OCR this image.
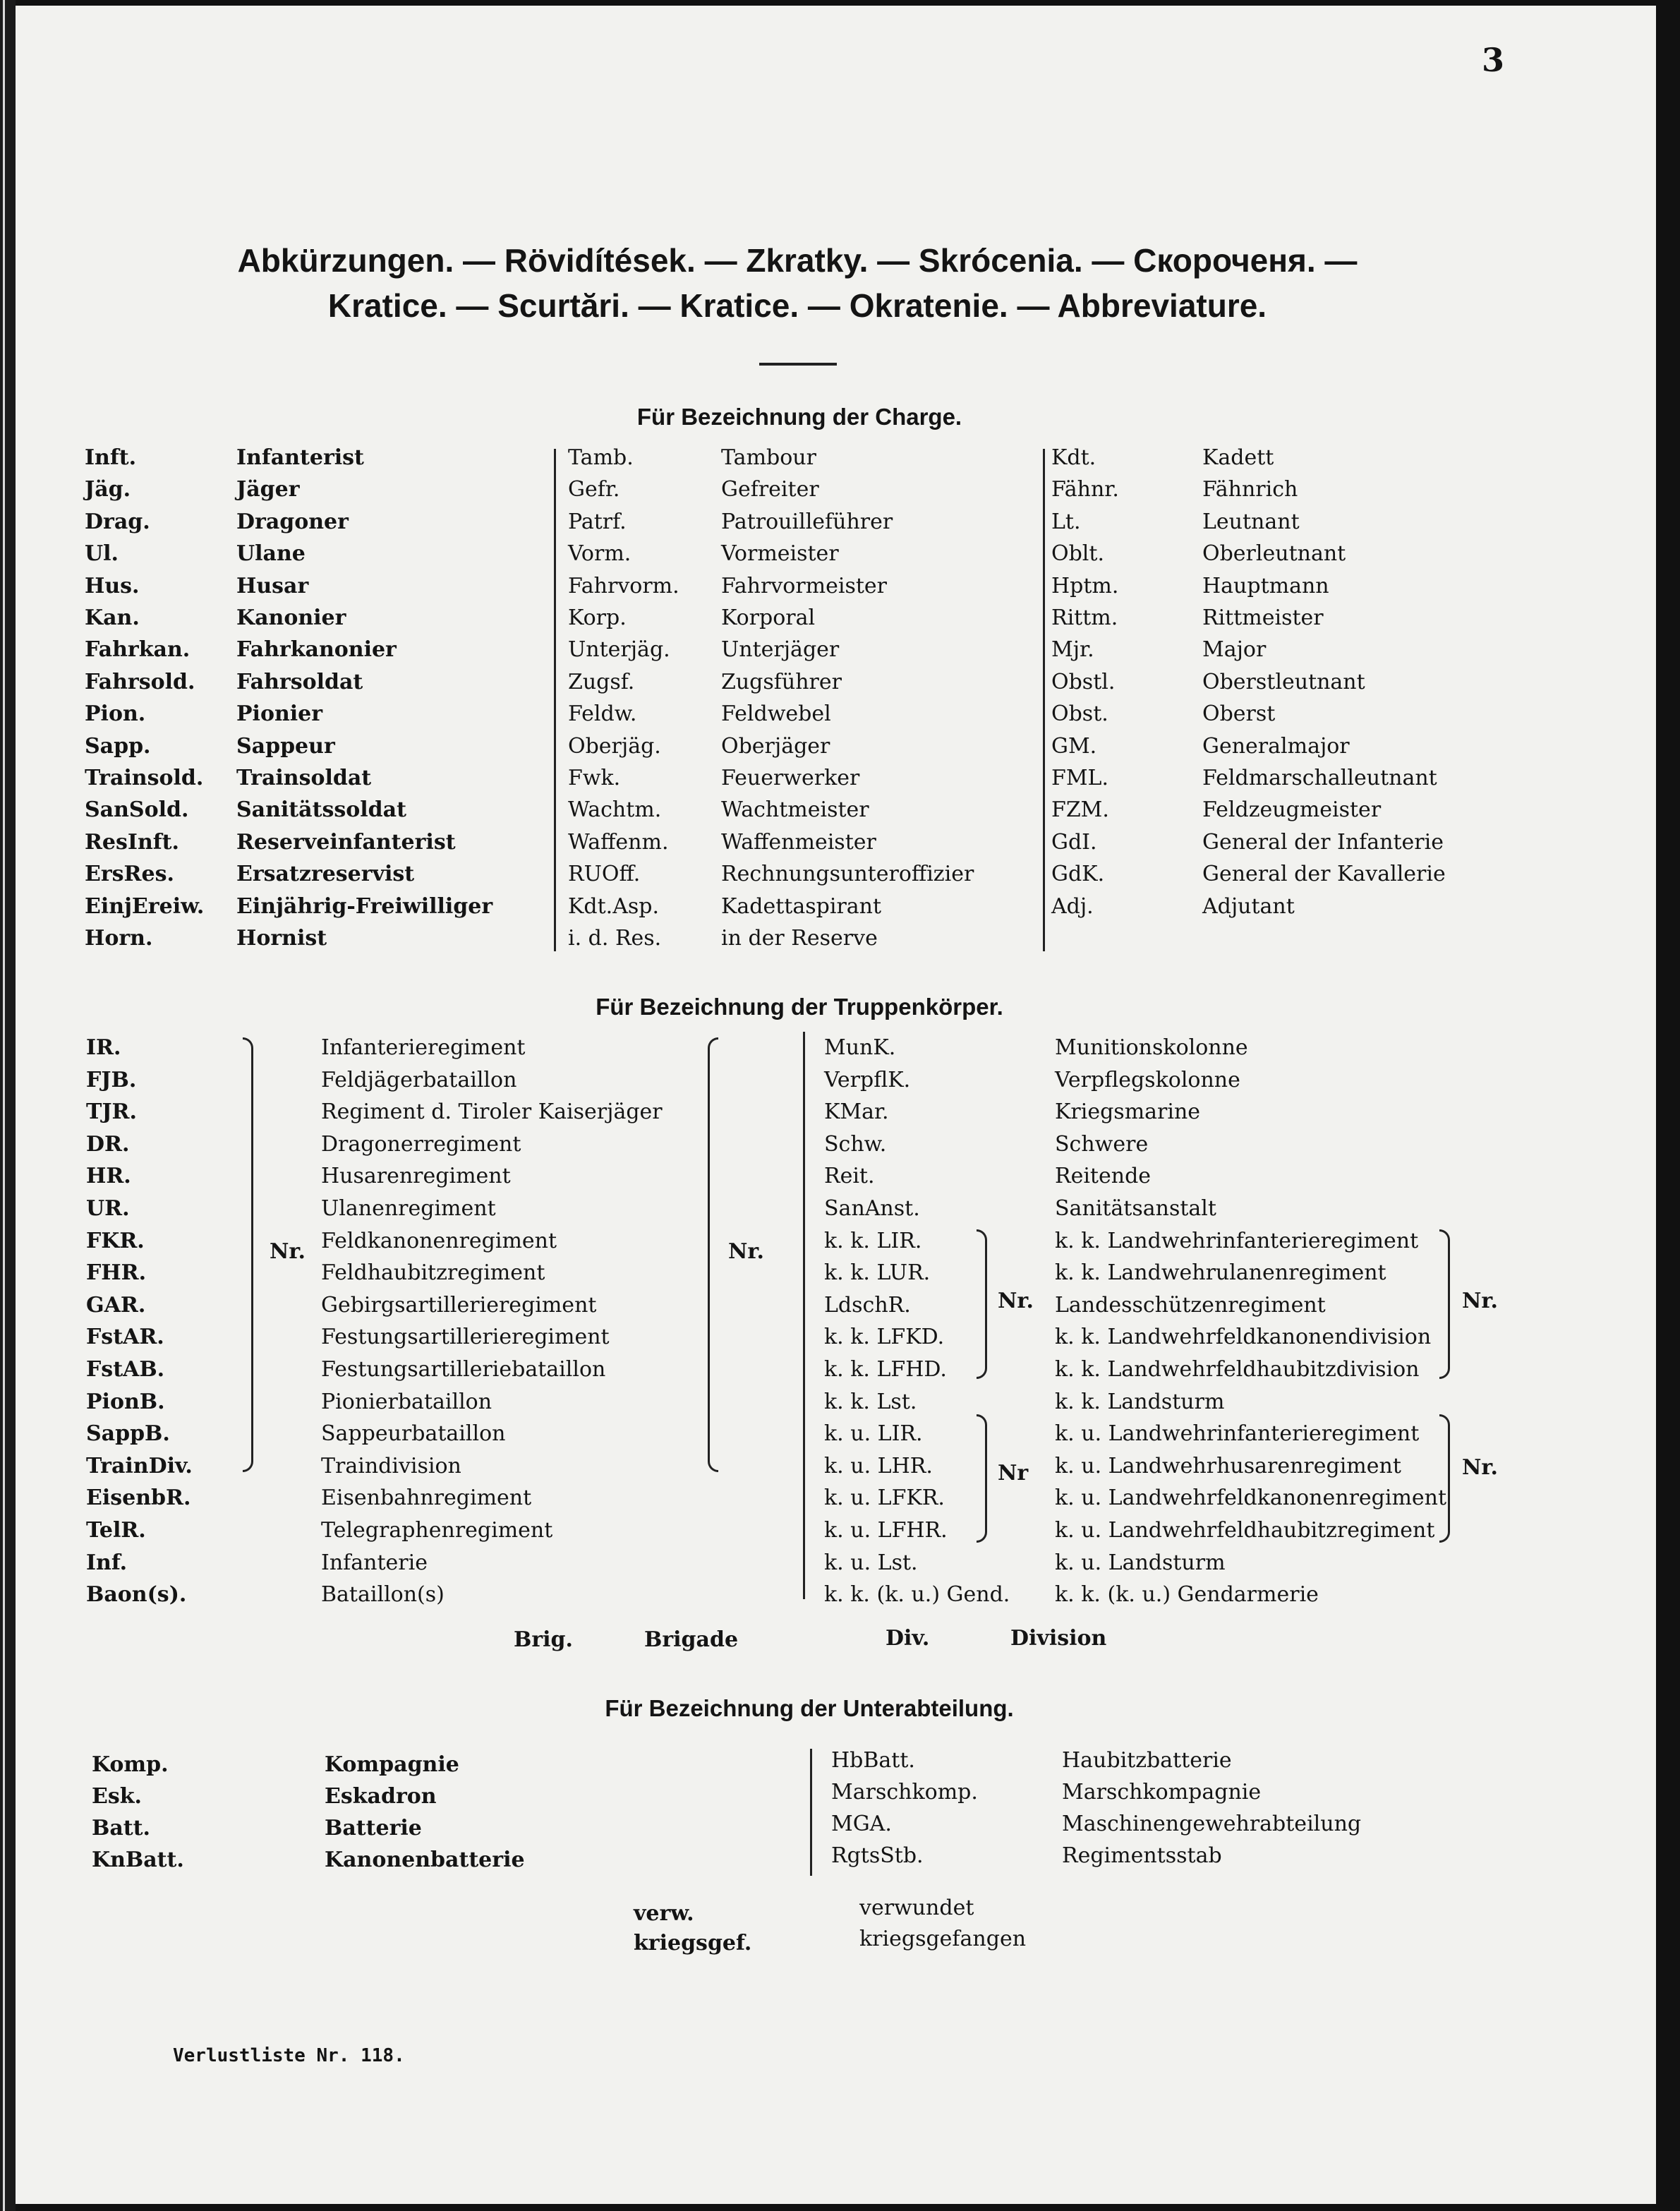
3
Abkürzungen. — Rövidítések. — Zkratky. — Skrócenia. — Скороченя. —
Kratice. — Scurtări. — Kratice. — Okratenie. — Abbreviature.
Für Bezeichnung der Charge.
Inft.	Infanterist
Jäg.	Jäger
Drag.	Dragoner
Ul.	Ulane
Hus.	Husar
Kan.	Kanonier
Fahrkan. Fahrkanonier
Fahrsold. Fahrsoldat
Pion.	Pionier
Sapp.	Sappeur
Trainsold. Trainsoldat
SanSold. Sanitätssoldat
ResInft.	Reserveinfanterist
ErsRes.	Ersatzreservist
EinjEreiw. Einjährig-Freiwilliger
Horn.	Hornist
Tamb.	Tambour
Gefr.	Gefreiter
Patrf.	Patrouilleführer
Vorm.	Vormeister
Fahrvorm. Fahrvormeister
Korp.	Korporal
Unterjäg. Unterjäger
Zugsf.	Zugsführer
Feldw.	Feldwebel
Oberjäg.	Oberjäger
Fwk.	Feuerwerker
Wachtm.	Wachtmeister
Waffenm. Waffenmeister
RUOff.	Rechnungsunteroffizier
Kdt.Asp.	Kadettaspirant
i. d. Res.	in der Reserve
Kdt.	Kadett
Fähnr.	Fähnrich
Lt.	Leutnant
Oblt.	Oberleutnant
Hptm.	Hauptmann
Rittm.	Rittmeister
Mjr.	Major
Obstl.	Oberstleutnant
Obst.	Oberst
GM.	Generalmajor
FML.	Feldmarschalleutnant
FZM.	Feldzeugmeister
GdI.	General der Infanterie
GdK.	General der Kavallerie
Adj.	Adjutant
Für Bezeichnung der Truppenkörper.
IR.	Infanterieregiment
FJB.	Feldjägerbataillon
TJR.	Regiment d. Tiroler Kaiserjäger
DR.	Dragonerregiment
HR.	Husarenregiment
UR.	Ulanenregiment
FKR.	Feldkanonenregiment
FHR.	Feldhaubitzregiment
GAR.	Gebirgsartillerieregiment
FstAR.	Festungsartillerieregiment
FstAB.	Festungsartilleriebataillon
PionB.	Pionierbataillon
SappB.	Sappeurbataillon
TrainDiv.	Traindivision
EisenbR.	Eisenbahnregiment
TelR.	Telegraphenregiment
Inf.	Infanterie
Baon(s).	Bataillon(s)
MunK.	Munitionskolonne
VerpflK.	Verpflegskolonne
KMar.	Kriegsmarine
Schw.	Schwere
Reit.	Reitende
SanAnst.	Sanitätsanstalt
k. k. LIR.	k. k. Landwehrinfanterieregiment
k. k. LUR.	k. k. Landwehrulanenregiment
LdschR.	Landesschützenregiment
k. k. LFKD.	k. k. Landwehrfeldkanonendivision
k. k. LFHD.	k. k. Landwehrfeldhaubitzdivision
k. k. Lst.	k. k. Landsturm
k. u. LIR.	k. u. Landwehrinfanterieregiment
k. u. LHR.	k. u. Landwehrhusarenregiment
k. u. LFKR.	k. u. Landwehrfeldkanonenregiment
k. u. LFHR.	k. u. Landwehrfeldhaubitzregiment
k. u. Lst.	k. u. Landsturm
k. k. (k. u.) Gend. k. k. (k. u.) Gendarmerie
Nr.	Nr.
Nr.	Nr.
Nr	Nr.
Brig.	Brigade	Div.	Division
Für Bezeichnung der Unterabteilung.
Komp.	Kompagnie
Esk.	Eskadron
Batt.	Batterie
KnBatt.	Kanonenbatterie
HbBatt.	Haubitzbatterie
Marschkomp.	Marschkompagnie
MGA.	Maschinengewehrabteilung
RgtsStb.	Regimentsstab
verw.	verwundet
kriegsgef.	kriegsgefangen
Verlustliste Nr. 118.
